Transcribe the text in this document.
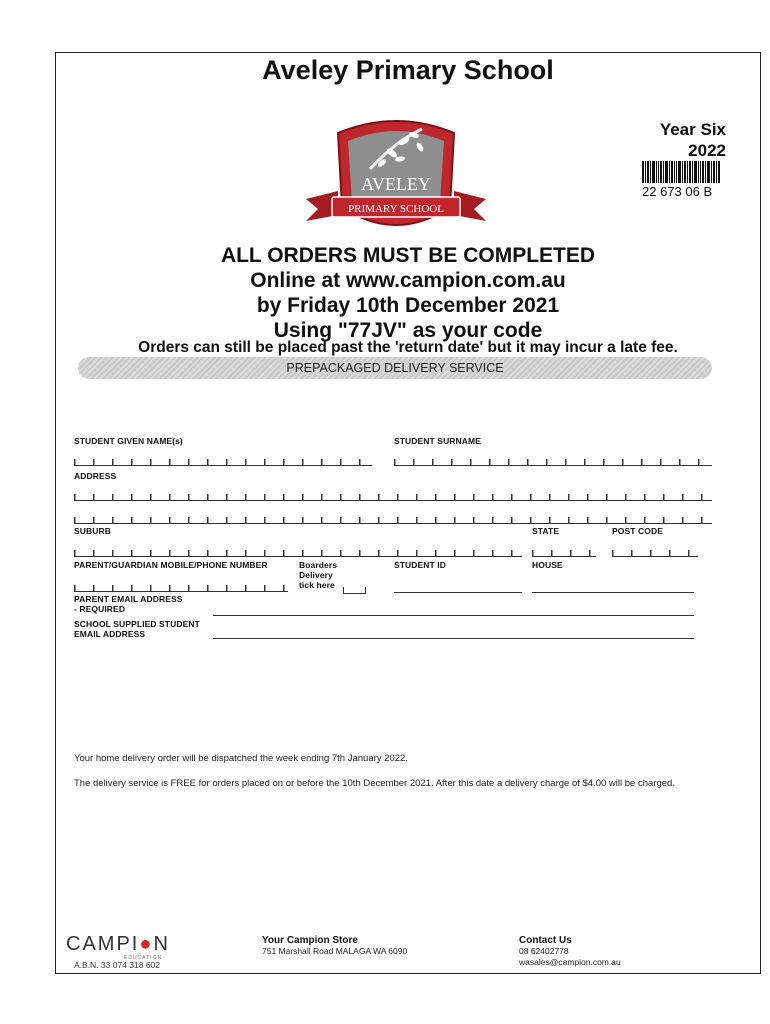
Aveley Primary School
Year Six
2022
22 673 06 B
AVELEY
PRIMARY SCHOOL
ALL ORDERS MUST BE COMPLETED
Online at www.campion.com.au
by Friday 10th December 2021
Using "77JV" as your code
Orders can still be placed past the 'return date' but it may incur a late fee.
PREPACKAGED DELIVERY SERVICE
STUDENT GIVEN NAME(s)	STUDENT SURNAME
ADDRESS
SUBURB	STATE	POST CODE
PARENT/GUARDIAN MOBILE/PHONE NUMBER	Boarders
Delivery
tick here
STUDENT ID	HOUSE
PARENT EMAIL ADDRESS
- REQUIRED
SCHOOL SUPPLIED STUDENT
EMAIL ADDRESS
Your home delivery order will be dispatched the week ending 7th January 2022.
The delivery service is FREE for orders placed on or before the 10th December 2021. After this date a delivery charge of $4.00 will be charged.
CAMPI●N
EDUCATION
A.B.N. 33 074 318 602
Your Campion Store
751 Marshall Road MALAGA WA 6090
Contact Us
08 62402778
wasales@campion.com.au
